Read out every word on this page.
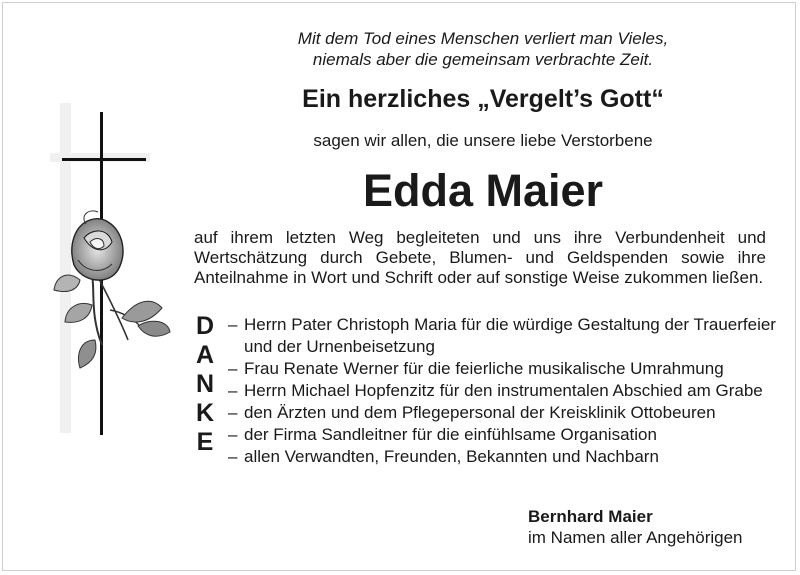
Mit dem Tod eines Menschen verliert man Vieles,
niemals aber die gemeinsam verbrachte Zeit.
Ein herzliches „Vergelt’s Gott“
sagen wir allen, die unsere liebe Verstorbene
Edda Maier
auf ihrem letzten Weg begleiteten und uns ihre Verbundenheit und Wertschätzung durch Gebete, Blumen- und Geldspenden sowie ihre Anteilnahme in Wort und Schrift oder auf sonstige Weise zukommen ließen.
D
A
N
K
E
– Herrn Pater Christoph Maria für die würdige Gestaltung der Trauerfeier und der Urnenbeisetzung
– Frau Renate Werner für die feierliche musikalische Umrahmung
– Herrn Michael Hopfenzitz für den instrumentalen Abschied am Grabe
– den Ärzten und dem Pflegepersonal der Kreisklinik Ottobeuren
– der Firma Sandleitner für die einfühlsame Organisation
– allen Verwandten, Freunden, Bekannten und Nachbarn
Bernhard Maier
im Namen aller Angehörigen
